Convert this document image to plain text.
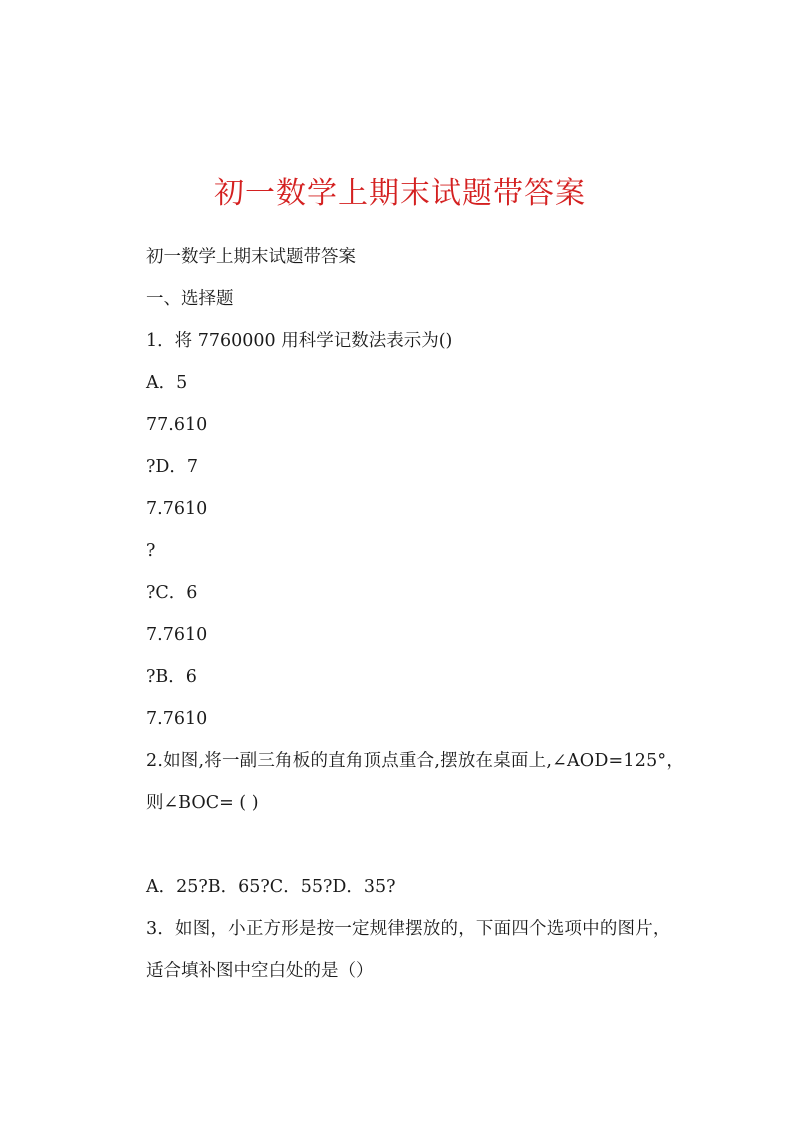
初一数学上期末试题带答案
初一数学上期末试题带答案
一、选择题
1．将 7760000 用科学记数法表示为()
A．5
77.610
?D．7
7.7610
?
?C．6
7.7610
?B．6
7.7610
2.如图,将一副三角板的直角顶点重合,摆放在桌面上,∠AOD=125°，
则∠BOC= ( )
A．25?B．65?C．55?D．35?
3．如图，小正方形是按一定规律摆放的，下面四个选项中的图片，
适合填补图中空白处的是（）
